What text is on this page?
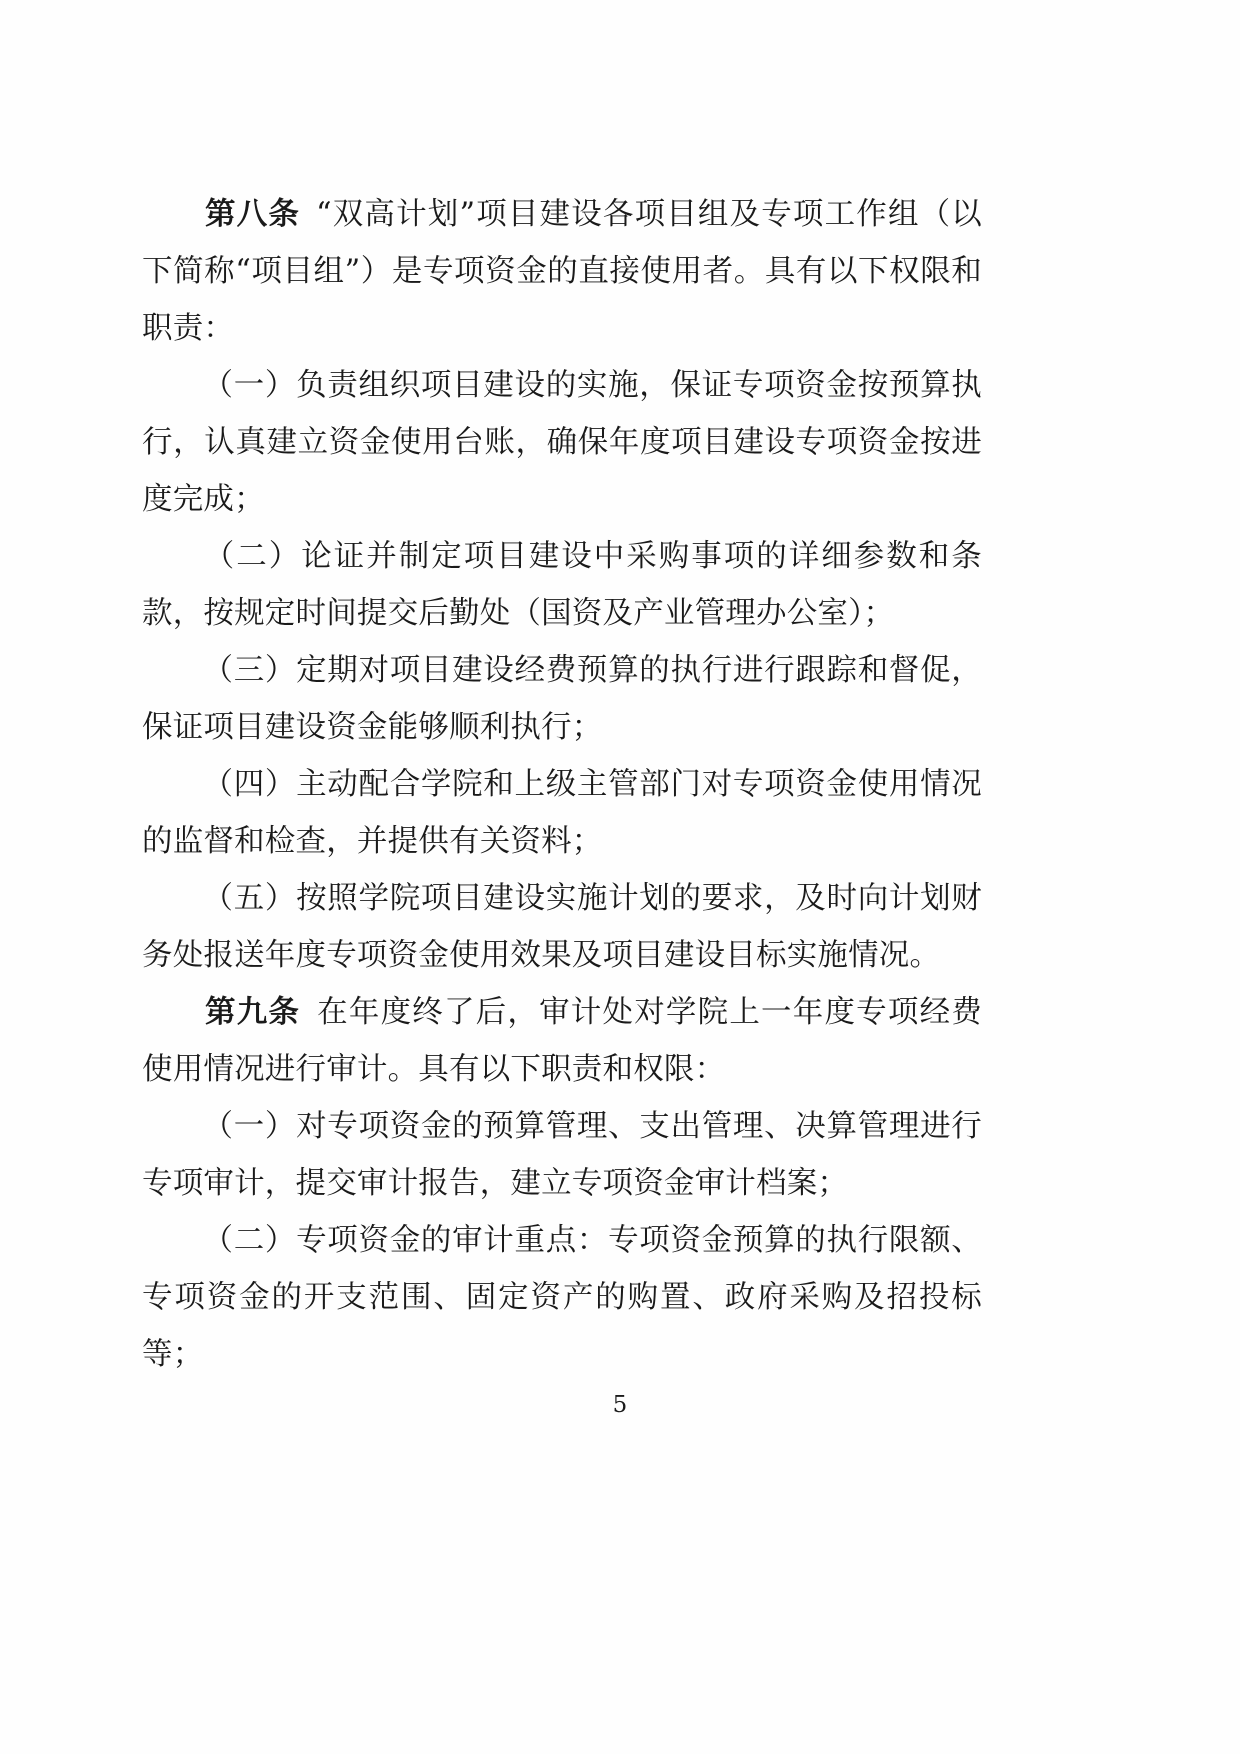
第八条 “双高计划”项目建设各项目组及专项工作组（以下简称“项目组”）是专项资金的直接使用者。具有以下权限和职责：

（一）负责组织项目建设的实施，保证专项资金按预算执行，认真建立资金使用台账，确保年度项目建设专项资金按进度完成；

（二）论证并制定项目建设中采购事项的详细参数和条款，按规定时间提交后勤处（国资及产业管理办公室）；

（三）定期对项目建设经费预算的执行进行跟踪和督促，保证项目建设资金能够顺利执行；

（四）主动配合学院和上级主管部门对专项资金使用情况的监督和检查，并提供有关资料；

（五）按照学院项目建设实施计划的要求，及时向计划财务处报送年度专项资金使用效果及项目建设目标实施情况。

第九条 在年度终了后，审计处对学院上一年度专项经费使用情况进行审计。具有以下职责和权限：

（一）对专项资金的预算管理、支出管理、决算管理进行专项审计，提交审计报告，建立专项资金审计档案；

（二）专项资金的审计重点：专项资金预算的执行限额、专项资金的开支范围、固定资产的购置、政府采购及招投标等；

5
